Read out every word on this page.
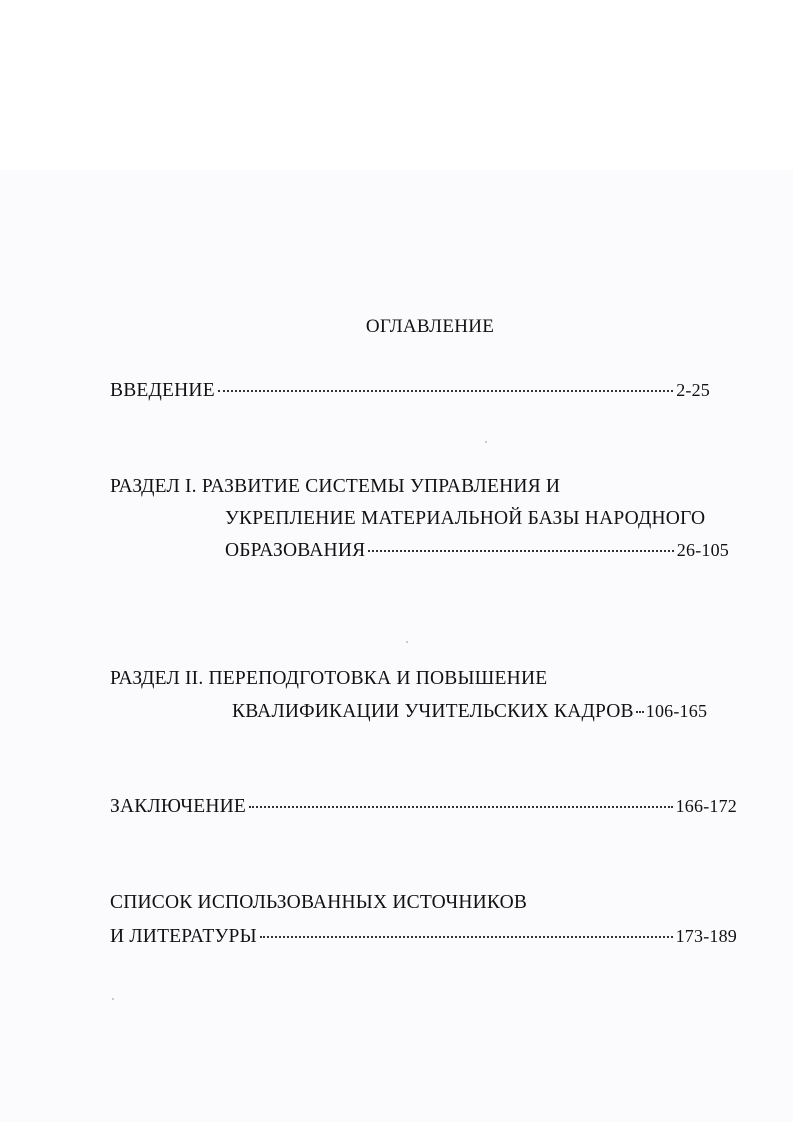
ОГЛАВЛЕНИЕ
ВВЕДЕНИЕ	2-25
РАЗДЕЛ I. РАЗВИТИЕ СИСТЕМЫ УПРАВЛЕНИЯ И
УКРЕПЛЕНИЕ МАТЕРИАЛЬНОЙ БАЗЫ НАРОДНОГО
ОБРАЗОВАНИЯ	26-105
РАЗДЕЛ II. ПЕРЕПОДГОТОВКА И ПОВЫШЕНИЕ
КВАЛИФИКАЦИИ УЧИТЕЛЬСКИХ КАДРОВ 106-165
ЗАКЛЮЧЕНИЕ	166-172
СПИСОК ИСПОЛЬЗОВАННЫХ ИСТОЧНИКОВ
И ЛИТЕРАТУРЫ	173-189
